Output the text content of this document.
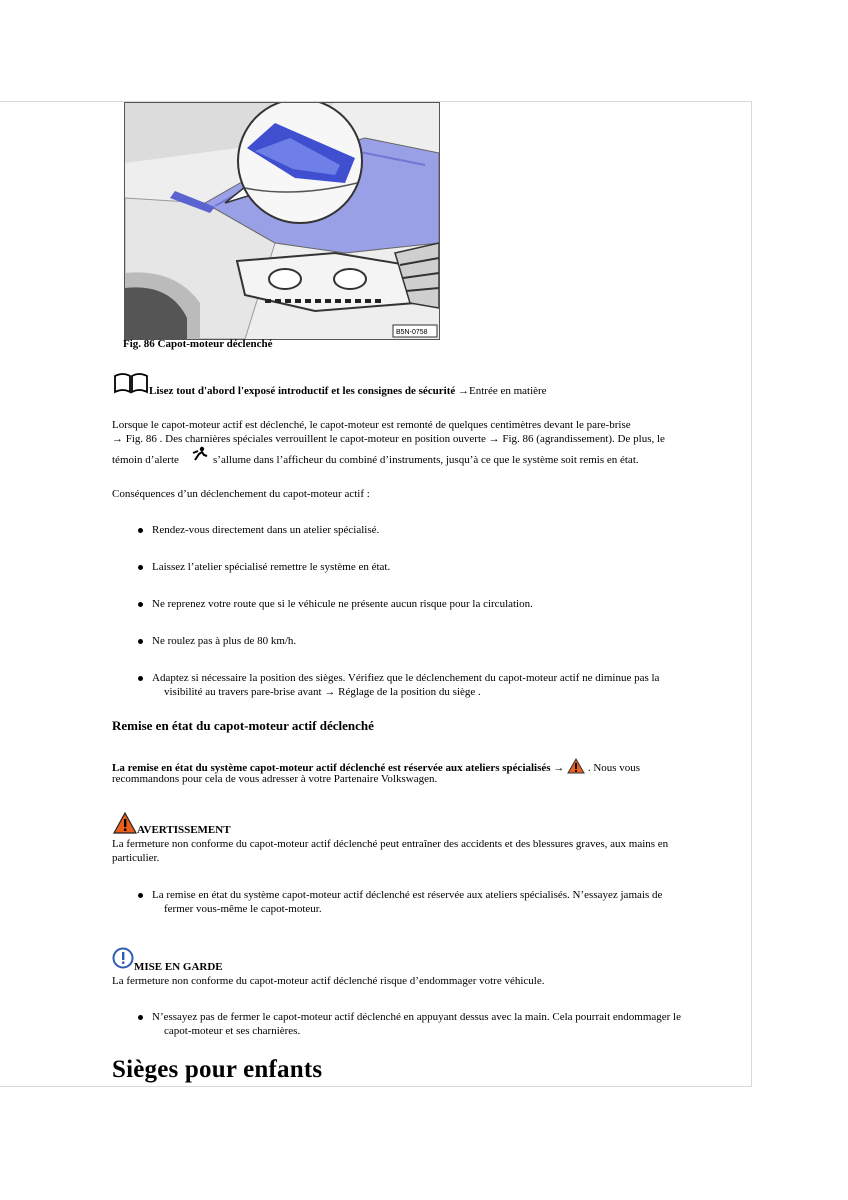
B5N-0758
Fig. 86 Capot-moteur déclenché
Lisez tout d'abord l'exposé introductif et les consignes de sécurité →Entrée en matière
Lorsque le capot-moteur actif est déclenché, le capot-moteur est remonté de quelques centimètres devant le pare-brise
→ Fig. 86 . Des charnières spéciales verrouillent le capot-moteur en position ouverte → Fig. 86 (agrandissement). De plus, le
témoin d’alerte	s’allume dans l’afficheur du combiné d’instruments, jusqu’à ce que le système soit remis en état.
Conséquences d’un déclenchement du capot-moteur actif :
Rendez-vous directement dans un atelier spécialisé.
Laissez l’atelier spécialisé remettre le système en état.
Ne reprenez votre route que si le véhicule ne présente aucun risque pour la circulation.
Ne roulez pas à plus de 80 km/h.
Adaptez si nécessaire la position des sièges. Vérifiez que le déclenchement du capot-moteur actif ne diminue pas la
visibilité au travers pare-brise avant → Réglage de la position du siège .
Remise en état du capot-moteur actif déclenché
La remise en état du système capot-moteur actif déclenché est réservée aux ateliers spécialisés → . Nous vous
recommandons pour cela de vous adresser à votre Partenaire Volkswagen.
AVERTISSEMENT
La fermeture non conforme du capot-moteur actif déclenché peut entraîner des accidents et des blessures graves, aux mains en
particulier.
La remise en état du système capot-moteur actif déclenché est réservée aux ateliers spécialisés. N’essayez jamais de
fermer vous-même le capot-moteur.
MISE EN GARDE
La fermeture non conforme du capot-moteur actif déclenché risque d’endommager votre véhicule.
N’essayez pas de fermer le capot-moteur actif déclenché en appuyant dessus avec la main. Cela pourrait endommager le
capot-moteur et ses charnières.
Sièges pour enfants
